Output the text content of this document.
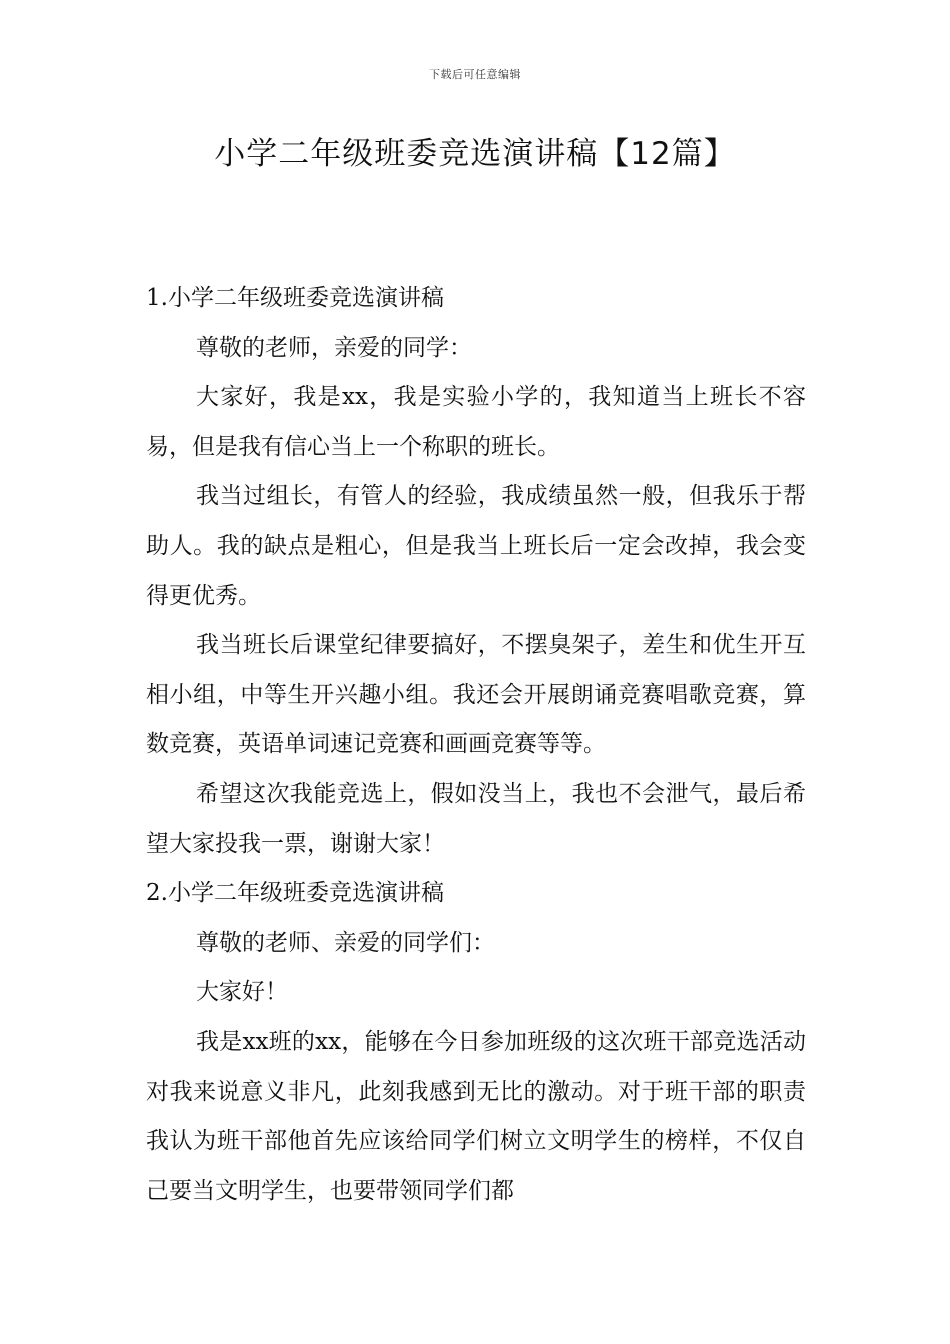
下载后可任意编辑
小学二年级班委竞选演讲稿【12篇】

1.小学二年级班委竞选演讲稿

尊敬的老师，亲爱的同学：

大家好，我是xx，我是实验小学的，我知道当上班长不容易，但是我有信心当上一个称职的班长。

我当过组长，有管人的经验，我成绩虽然一般，但我乐于帮助人。我的缺点是粗心，但是我当上班长后一定会改掉，我会变得更优秀。

我当班长后课堂纪律要搞好，不摆臭架子，差生和优生开互相小组，中等生开兴趣小组。我还会开展朗诵竞赛唱歌竞赛，算数竞赛，英语单词速记竞赛和画画竞赛等等。

希望这次我能竞选上，假如没当上，我也不会泄气，最后希望大家投我一票，谢谢大家！

2.小学二年级班委竞选演讲稿

尊敬的老师、亲爱的同学们：

大家好！

我是xx班的xx，能够在今日参加班级的这次班干部竞选活动对我来说意义非凡，此刻我感到无比的激动。对于班干部的职责我认为班干部他首先应该给同学们树立文明学生的榜样，不仅自己要当文明学生，也要带领同学们都
